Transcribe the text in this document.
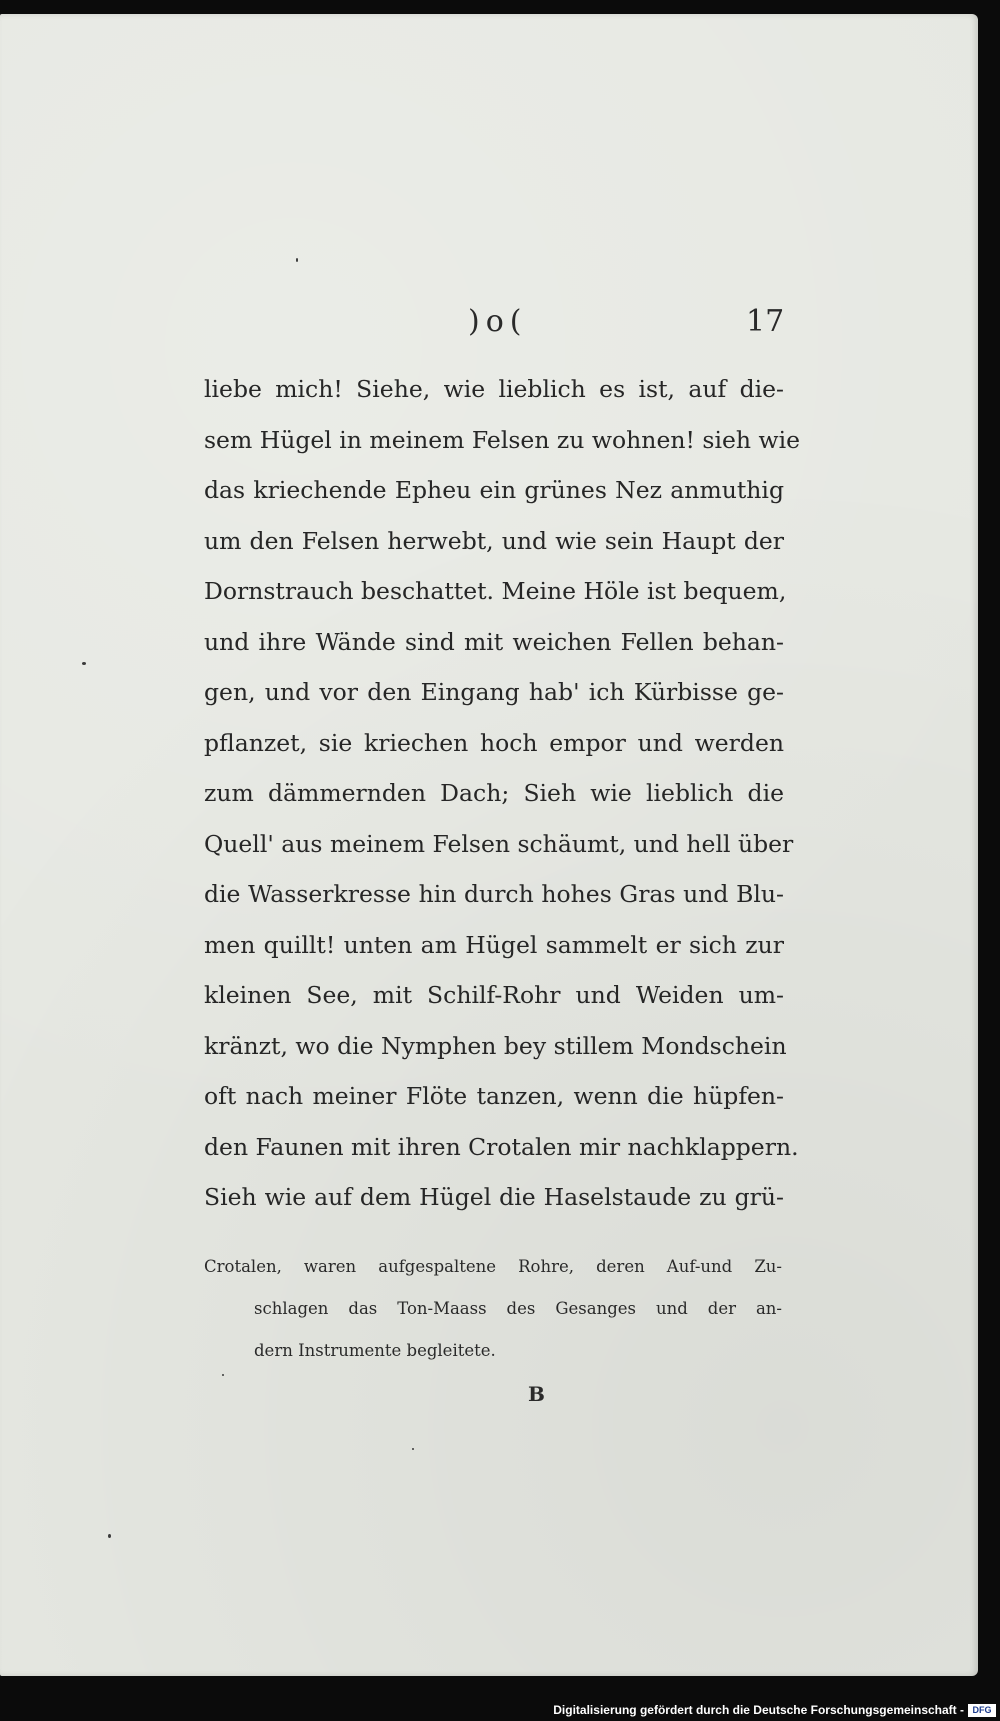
)o(	17
liebe mich! Siehe, wie lieblich es ist, auf die-
sem Hügel in meinem Felsen zu wohnen! sieh wie
das kriechende Epheu ein grünes Nez anmuthig
um den Felsen herwebt, und wie sein Haupt der
Dornstrauch beschattet. Meine Höle ist bequem,
und ihre Wände sind mit weichen Fellen behan-
gen, und vor den Eingang hab' ich Kürbisse ge-
pflanzet, sie kriechen hoch empor und werden
zum dämmernden Dach; Sieh wie lieblich die
Quell' aus meinem Felsen schäumt, und hell über
die Wasserkresse hin durch hohes Gras und Blu-
men quillt! unten am Hügel sammelt er sich zur
kleinen See, mit Schilf-Rohr und Weiden um-
kränzt, wo die Nymphen bey stillem Mondschein
oft nach meiner Flöte tanzen, wenn die hüpfen-
den Faunen mit ihren Crotalen mir nachklappern.
Sieh wie auf dem Hügel die Haselstaude zu grü-
Crotalen, waren aufgespaltene Rohre, deren Auf-und Zu-
schlagen das Ton-Maass des Gesanges und der an-
dern Instrumente begleitete.
B
Digitalisierung gefördert durch die Deutsche Forschungsgemeinschaft - DFG
